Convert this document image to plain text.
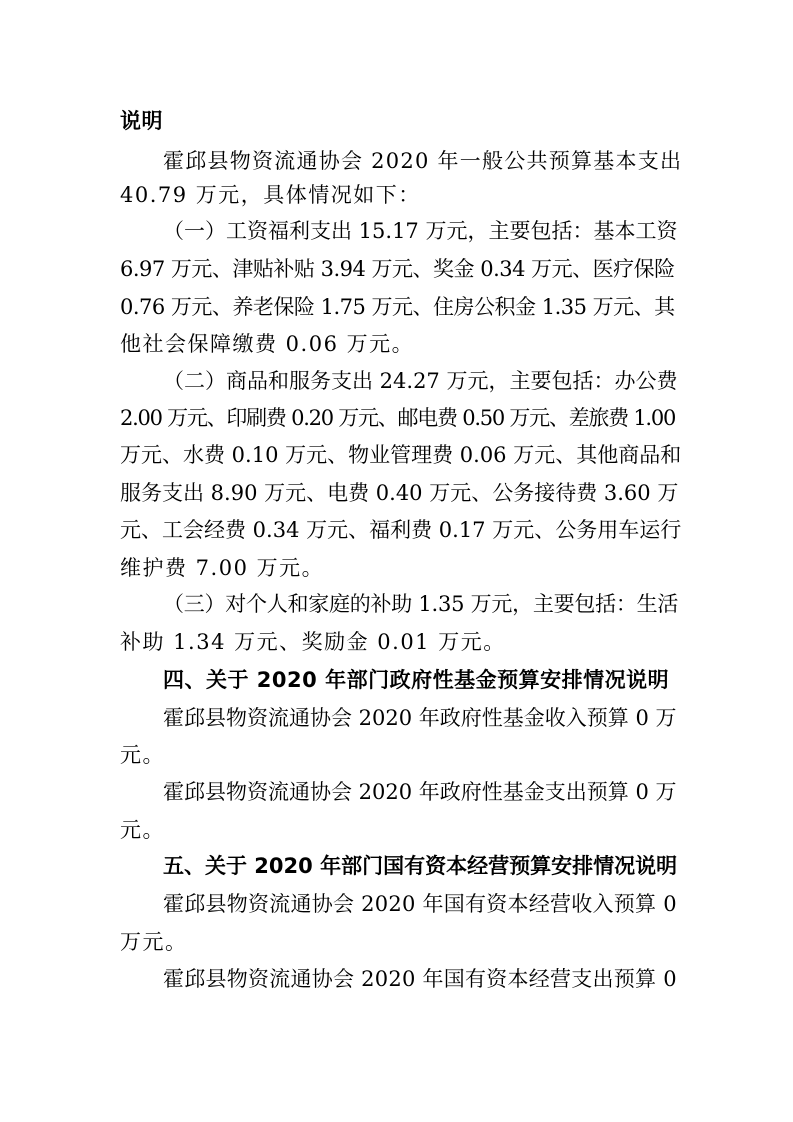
说明
霍邱县物资流通协会 2020 年一般公共预算基本支出
40.79 万元，具体情况如下：
（一）工资福利支出 15.17 万元，主要包括：基本工资
6.97 万元、津贴补贴 3.94 万元、奖金 0.34 万元、医疗保险
0.76 万元、养老保险 1.75 万元、住房公积金 1.35 万元、其
他社会保障缴费 0.06 万元。
（二）商品和服务支出 24.27 万元，主要包括：办公费
2.00 万元、印刷费 0.20 万元、邮电费 0.50 万元、差旅费 1.00
万元、水费 0.10 万元、物业管理费 0.06 万元、其他商品和
服务支出 8.90 万元、电费 0.40 万元、公务接待费 3.60 万
元、工会经费 0.34 万元、福利费 0.17 万元、公务用车运行
维护费 7.00 万元。
（三）对个人和家庭的补助 1.35 万元，主要包括：生活
补助 1.34 万元、奖励金 0.01 万元。
四、关于 2020 年部门政府性基金预算安排情况说明
霍邱县物资流通协会 2020 年政府性基金收入预算 0 万
元。
霍邱县物资流通协会 2020 年政府性基金支出预算 0 万
元。
五、关于 2020 年部门国有资本经营预算安排情况说明
霍邱县物资流通协会 2020 年国有资本经营收入预算 0
万元。
霍邱县物资流通协会 2020 年国有资本经营支出预算 0
